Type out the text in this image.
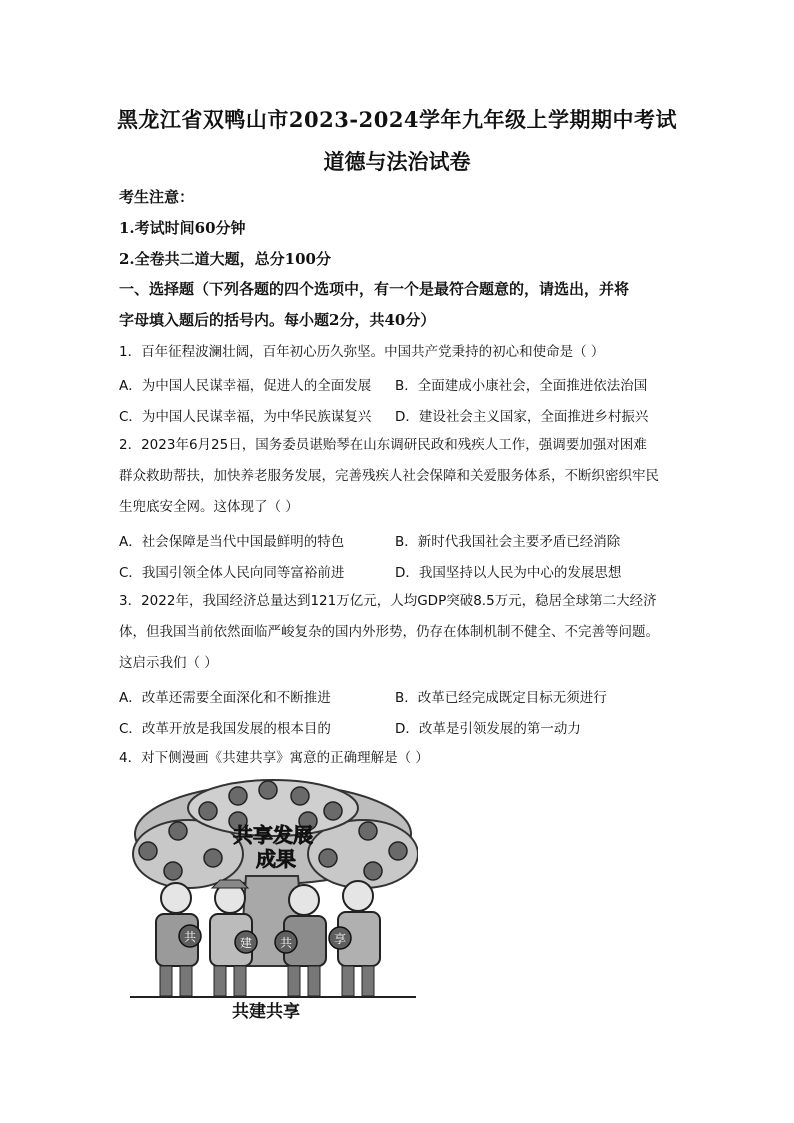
黑龙江省双鸭山市2023-2024学年九年级上学期期中考试
道德与法治试卷
考生注意：
1.考试时间60分钟
2.全卷共二道大题，总分100分
一、选择题（下列各题的四个选项中，有一个是最符合题意的，请选出，并将
字母填入题后的括号内。每小题2分，共40分）
1．百年征程波澜壮阔，百年初心历久弥坚。中国共产党秉持的初心和使命是（ ）
A．为中国人民谋幸福，促进人的全面发展 B．全面建成小康社会，全面推进依法治国
C．为中国人民谋幸福，为中华民族谋复兴 D．建设社会主义国家，全面推进乡村振兴
2．2023年6月25日，国务委员谌贻琴在山东调研民政和残疾人工作，强调要加强对困难
群众救助帮扶，加快养老服务发展，完善残疾人社会保障和关爱服务体系，不断织密织牢民
生兜底安全网。这体现了（ ）
A．社会保障是当代中国最鲜明的特色	B．新时代我国社会主要矛盾已经消除
C．我国引领全体人民向同等富裕前进	D．我国坚持以人民为中心的发展思想
3．2022年，我国经济总量达到121万亿元，人均GDP突破8.5万元，稳居全球第二大经济
体，但我国当前依然面临严峻复杂的国内外形势，仍存在体制机制不健全、不完善等问题。
这启示我们（ ）
A．改革还需要全面深化和不断推进	B．改革已经完成既定目标无须进行
C．改革开放是我国发展的根本目的	D．改革是引领发展的第一动力
4．对下侧漫画《共建共享》寓意的正确理解是（ ）
共享发展
成果
共	建 共	享
共建共享
